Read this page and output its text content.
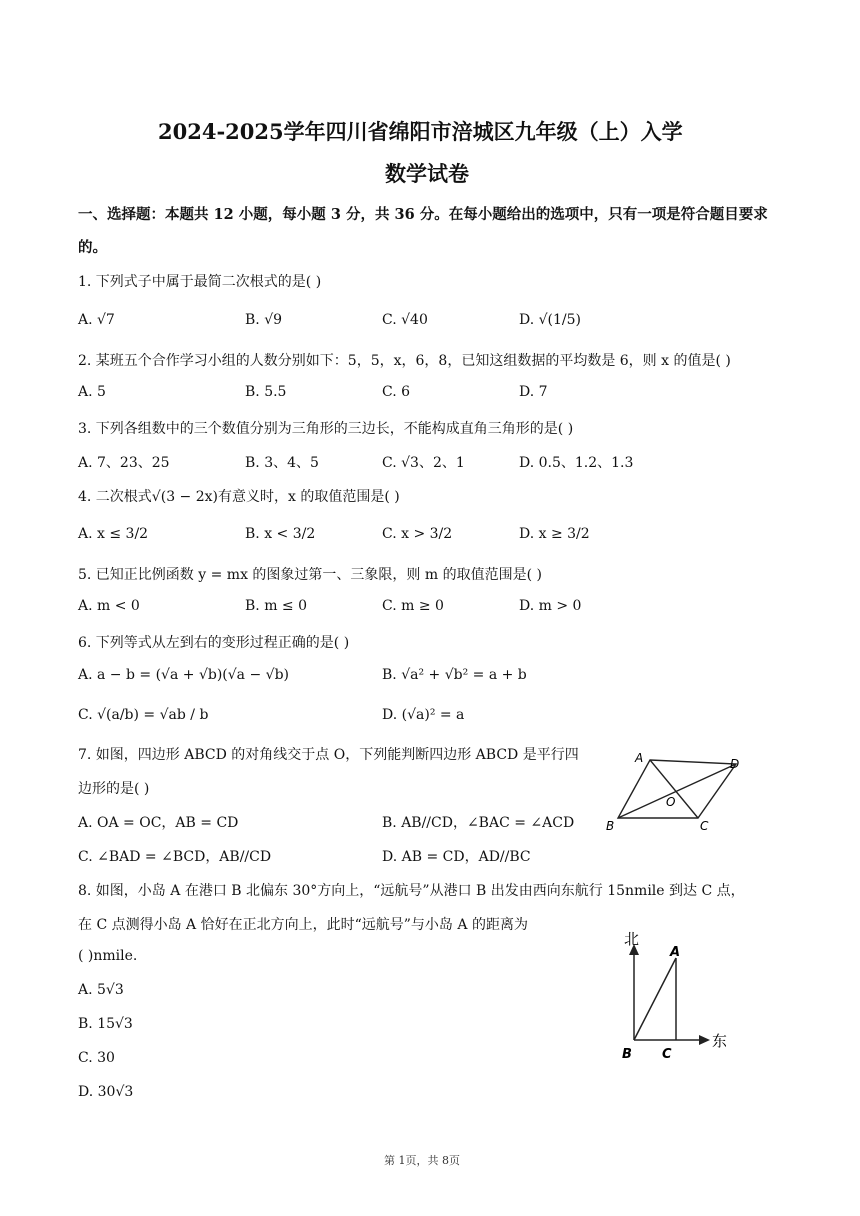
2024-2025学年四川省绵阳市涪城区九年级（上）入学
数学试卷
一、选择题：本题共 12 小题，每小题 3 分，共 36 分。在每小题给出的选项中，只有一项是符合题目要求
的。
1. 下列式子中属于最简二次根式的是( )
A. √7	B. √9	C. √40	D. √(1/5)
2. 某班五个合作学习小组的人数分别如下：5，5，x，6，8，已知这组数据的平均数是 6，则 x 的值是( )
A. 5	B. 5.5	C. 6	D. 7
3. 下列各组数中的三个数值分别为三角形的三边长，不能构成直角三角形的是( )
A. 7、23、25	B. 3、4、5	C. √3、2、1	D. 0.5、1.2、1.3
4. 二次根式√(3 − 2x)有意义时，x 的取值范围是( )
A. x ≤ 3/2	B. x < 3/2	C. x > 3/2	D. x ≥ 3/2
5. 已知正比例函数 y = mx 的图象过第一、三象限，则 m 的取值范围是( )
A. m < 0	B. m ≤ 0	C. m ≥ 0	D. m > 0
6. 下列等式从左到右的变形过程正确的是( )
A. a − b = (√a + √b)(√a − √b)	B. √a² + √b² = a + b
C. √(a/b) = √ab / b	D. (√a)² = a
7. 如图，四边形 ABCD 的对角线交于点 O，下列能判断四边形 ABCD 是平行四
边形的是( )
A. OA = OC，AB = CD	B. AB//CD，∠BAC = ∠ACD
C. ∠BAD = ∠BCD，AB//CD	D. AB = CD，AD//BC
A	D
O
B	C
8. 如图，小岛 A 在港口 B 北偏东 30°方向上，“远航号”从港口 B 出发由西向东航行 15nmile 到达 C 点，
在 C 点测得小岛 A 恰好在正北方向上，此时“远航号”与小岛 A 的距离为
( )nmile.
A. 5√3
B. 15√3
C. 30
D. 30√3
北
东
A
B C
第 1页，共 8页
